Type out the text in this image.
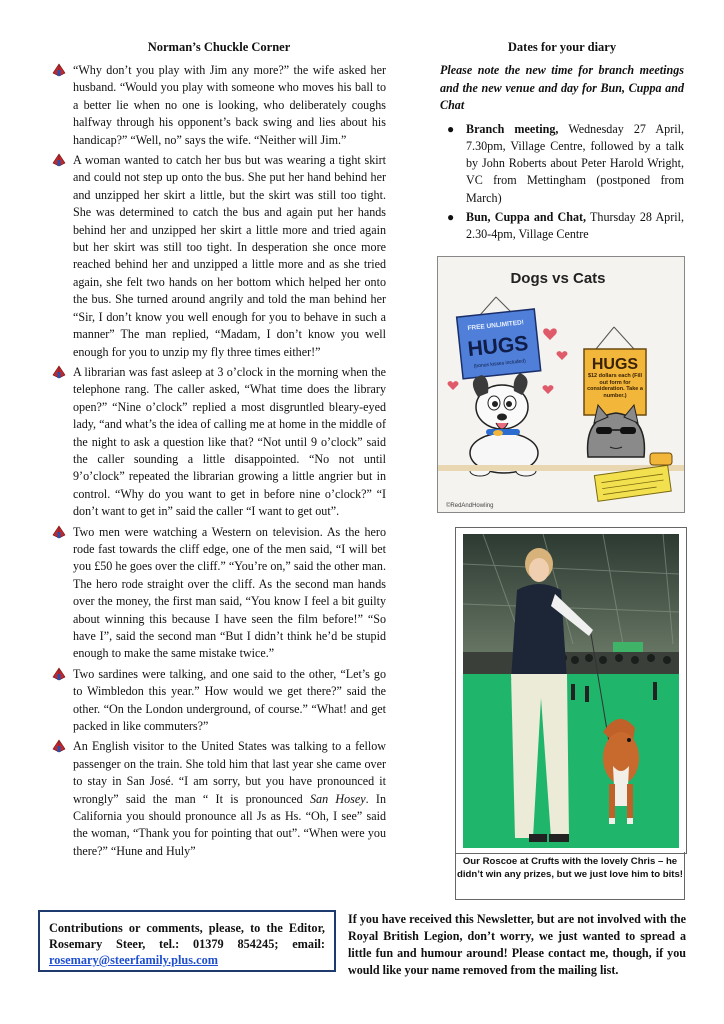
Norman’s Chuckle Corner
“Why don’t you play with Jim any more?” the wife asked her husband. “Would you play with someone who moves his ball to a better lie when no one is looking, who deliberately coughs halfway through his opponent’s back swing and lies about his handicap?” “Well, no” says the wife. “Neither will Jim.”
A woman wanted to catch her bus but was wearing a tight skirt and could not step up onto the bus. She put her hand behind her and unzipped her skirt a little, but the skirt was still too tight. She was determined to catch the bus and again put her hands behind her and unzipped her skirt a little more and tried again but her skirt was still too tight. In desperation she once more reached behind her and unzipped a little more and as she tried again, she felt two hands on her bottom which helped her onto the bus. She turned around angrily and told the man behind her “Sir, I don’t know you well enough for you to behave in such a manner” The man replied, “Madam, I don’t know you well enough for you to unzip my fly three times either!”
A librarian was fast asleep at 3 o’clock in the morning when the telephone rang. The caller asked, “What time does the library open?” “Nine o’clock” replied a most disgruntled bleary-eyed lady, “and what’s the idea of calling me at home in the middle of the night to ask a question like that? “Not until 9 o’clock” said the caller sounding a little disappointed. “No not until 9’o’clock” repeated the librarian growing a little angrier but in control. “Why do you want to get in before nine o’clock?” “I don’t want to get in” said the caller “I want to get out”.
Two men were watching a Western on television. As the hero rode fast towards the cliff edge, one of the men said, “I will bet you £50 he goes over the cliff.” “You’re on,” said the other man. The hero rode straight over the cliff. As the second man hands over the money, the first man said, “You know I feel a bit guilty about winning this because I have seen the film before!” “So have I”, said the second man “But I didn’t think he’d be stupid enough to make the same mistake twice.”
Two sardines were talking, and one said to the other, “Let’s go to Wimbledon this year.” How would we get there?” said the other. “On the London underground, of course.” “What! and get packed in like commuters?”
An English visitor to the United States was talking to a fellow passenger on the train. She told him that last year she came over to stay in San José. “I am sorry, but you have pronounced it wrongly” said the man “ It is pronounced San Hosey. In California you should pronounce all Js as Hs. “Oh, I see” said the woman, “Thank you for pointing that out”. “When were you there?” “Hune and Huly”
Dates for your diary

Please note the new time for branch meetings and the new venue and day for Bun, Cuppa and Chat

● Branch meeting, Wednesday 27 April, 7.30pm, Village Centre, followed by a talk by John Roberts about Peter Harold Wright, VC from Mettingham (postponed from March)
● Bun, Cuppa and Chat, Thursday 28 April, 2.30-4pm, Village Centre
Dogs vs Cats
FREE UNLIMITED!
HUGS
(bonus kisses included)	HUGS
$12 dollars each (Fill out form for consideration. Take a number.)
©RedAndHowling
Our Roscoe at Crufts with the lovely Chris – he didn’t win any prizes, but we just love him to bits!
Contributions or comments, please, to the Editor, Rosemary Steer, tel.: 01379 854245; email: rosemary@steerfamily.plus.com
If you have received this Newsletter, but are not involved with the Royal British Legion, don’t worry, we just wanted to spread a little fun and humour around! Please contact me, though, if you would like your name removed from the mailing list.
